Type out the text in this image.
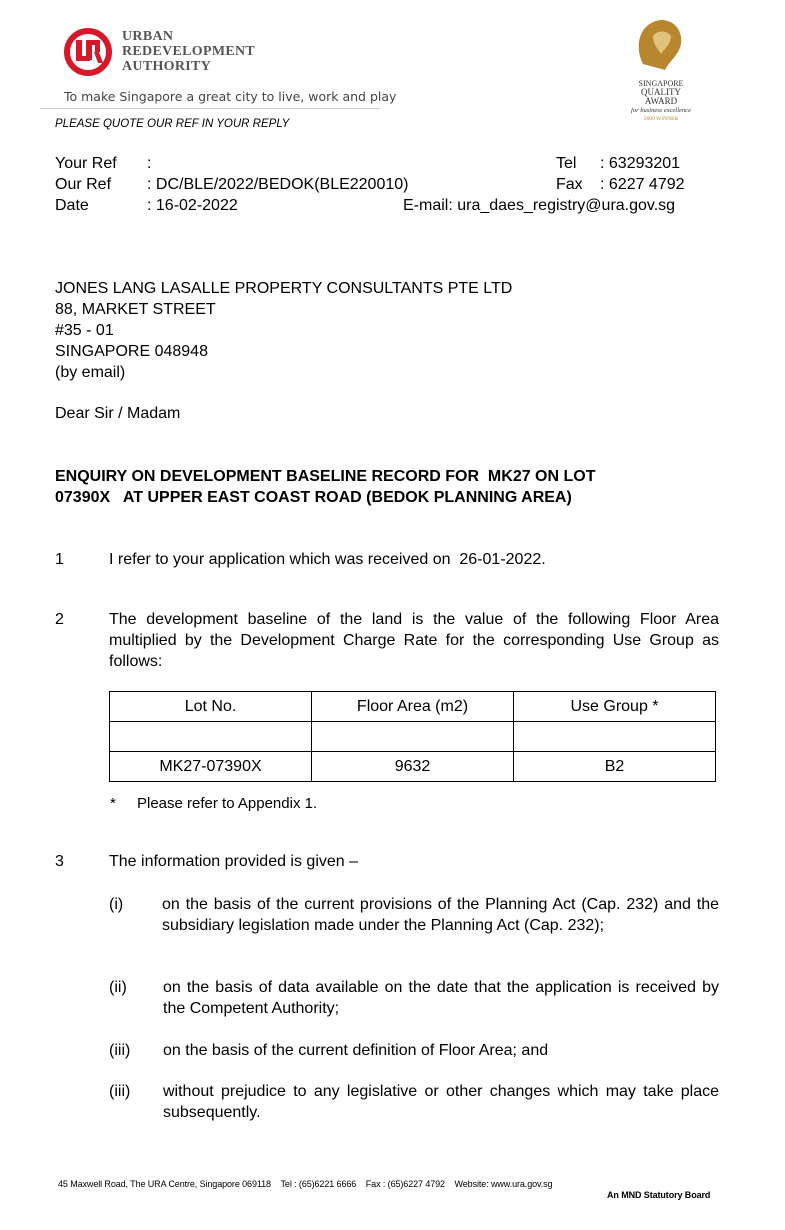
URBAN
REDEVELOPMENT
AUTHORITY
To make Singapore a great city to live, work and play
SINGAPORE
QUALITY
AWARD
for business excellence
2009 WINNER
PLEASE QUOTE OUR REF IN YOUR REPLY
Your Ref :
Our Ref : DC/BLE/2022/BEDOK(BLE220010)
Date	: 16-02-2022
Tel : 63293201
Fax : 6227 4792
E-mail: ura_daes_registry@ura.gov.sg
JONES LANG LASALLE PROPERTY CONSULTANTS PTE LTD
88, MARKET STREET
#35 - 01
SINGAPORE 048948
(by email)
Dear Sir / Madam
ENQUIRY ON DEVELOPMENT BASELINE RECORD FOR  MK27 ON LOT
07390X   AT UPPER EAST COAST ROAD (BEDOK PLANNING AREA)
1	I refer to your application which was received on  26-01-2022.
2	The development baseline of the land is the value of the following Floor Area multiplied by the Development Charge Rate for the corresponding Use Group as follows:
Lot No.	Floor Area (m2)	Use Group *

MK27-07390X	9632	B2
* Please refer to Appendix 1.
3	The information provided is given –
(i) on the basis of the current provisions of the Planning Act (Cap. 232) and the subsidiary legislation made under the Planning Act (Cap. 232);
(ii) on the basis of data available on the date that the application is received by the Competent Authority;
(iii) on the basis of the current definition of Floor Area; and
(iii) without prejudice to any legislative or other changes which may take place subsequently.
45 Maxwell Road, The URA Centre, Singapore 069118 Tel : (65)6221 6666 Fax : (65)6227 4792 Website: www.ura.gov.sg
An MND Statutory Board
